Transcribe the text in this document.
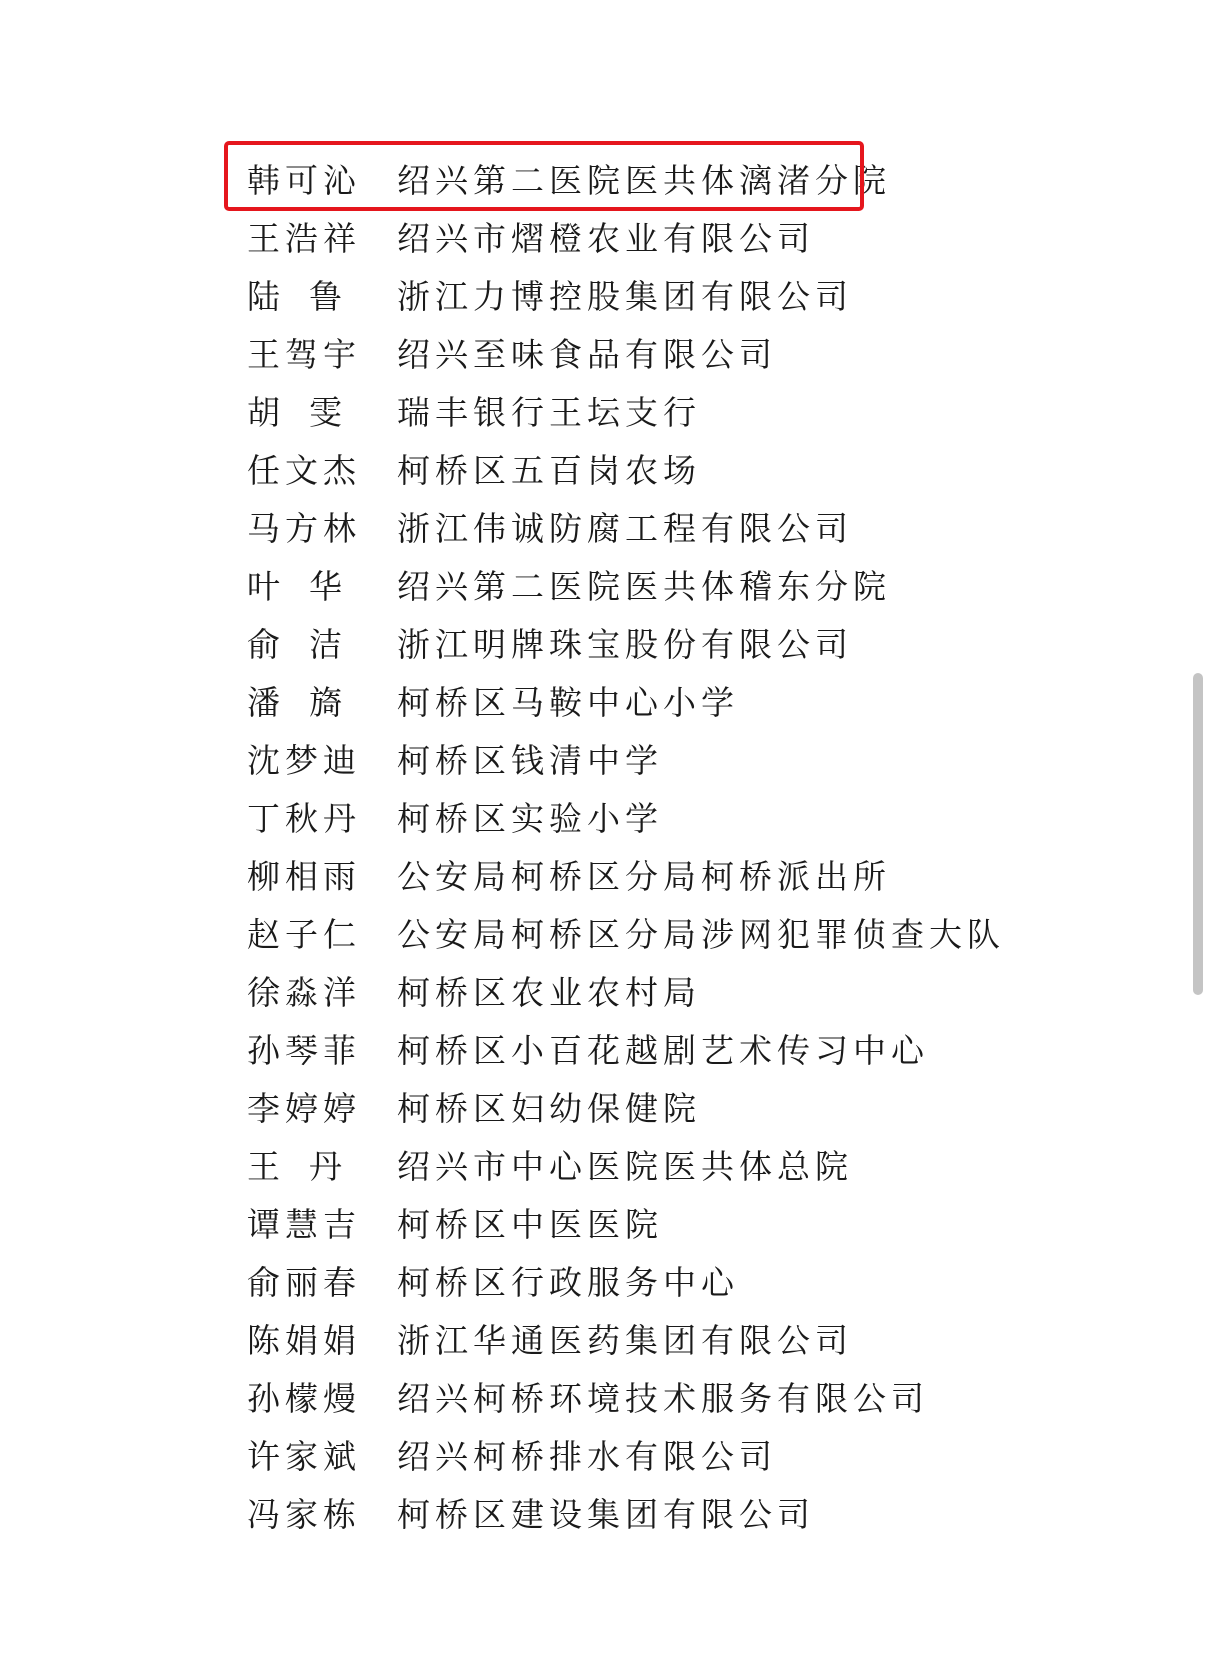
韩可沁	绍兴第二医院医共体漓渚分院
王浩祥	绍兴市熠橙农业有限公司
陆 鲁 浙江力博控股集团有限公司
王驾宇	绍兴至味食品有限公司
胡 雯 瑞丰银行王坛支行
任文杰	柯桥区五百岗农场
马方林	浙江伟诚防腐工程有限公司
叶 华 绍兴第二医院医共体稽东分院
俞 洁 浙江明牌珠宝股份有限公司
潘 旖 柯桥区马鞍中心小学
沈梦迪	柯桥区钱清中学
丁秋丹	柯桥区实验小学
柳相雨	公安局柯桥区分局柯桥派出所
赵子仁	公安局柯桥区分局涉网犯罪侦查大队
徐淼洋	柯桥区农业农村局
孙琴菲	柯桥区小百花越剧艺术传习中心
李婷婷	柯桥区妇幼保健院
王 丹 绍兴市中心医院医共体总院
谭慧吉	柯桥区中医医院
俞丽春	柯桥区行政服务中心
陈娟娟	浙江华通医药集团有限公司
孙檬熳	绍兴柯桥环境技术服务有限公司
许家斌	绍兴柯桥排水有限公司
冯家栋	柯桥区建设集团有限公司
